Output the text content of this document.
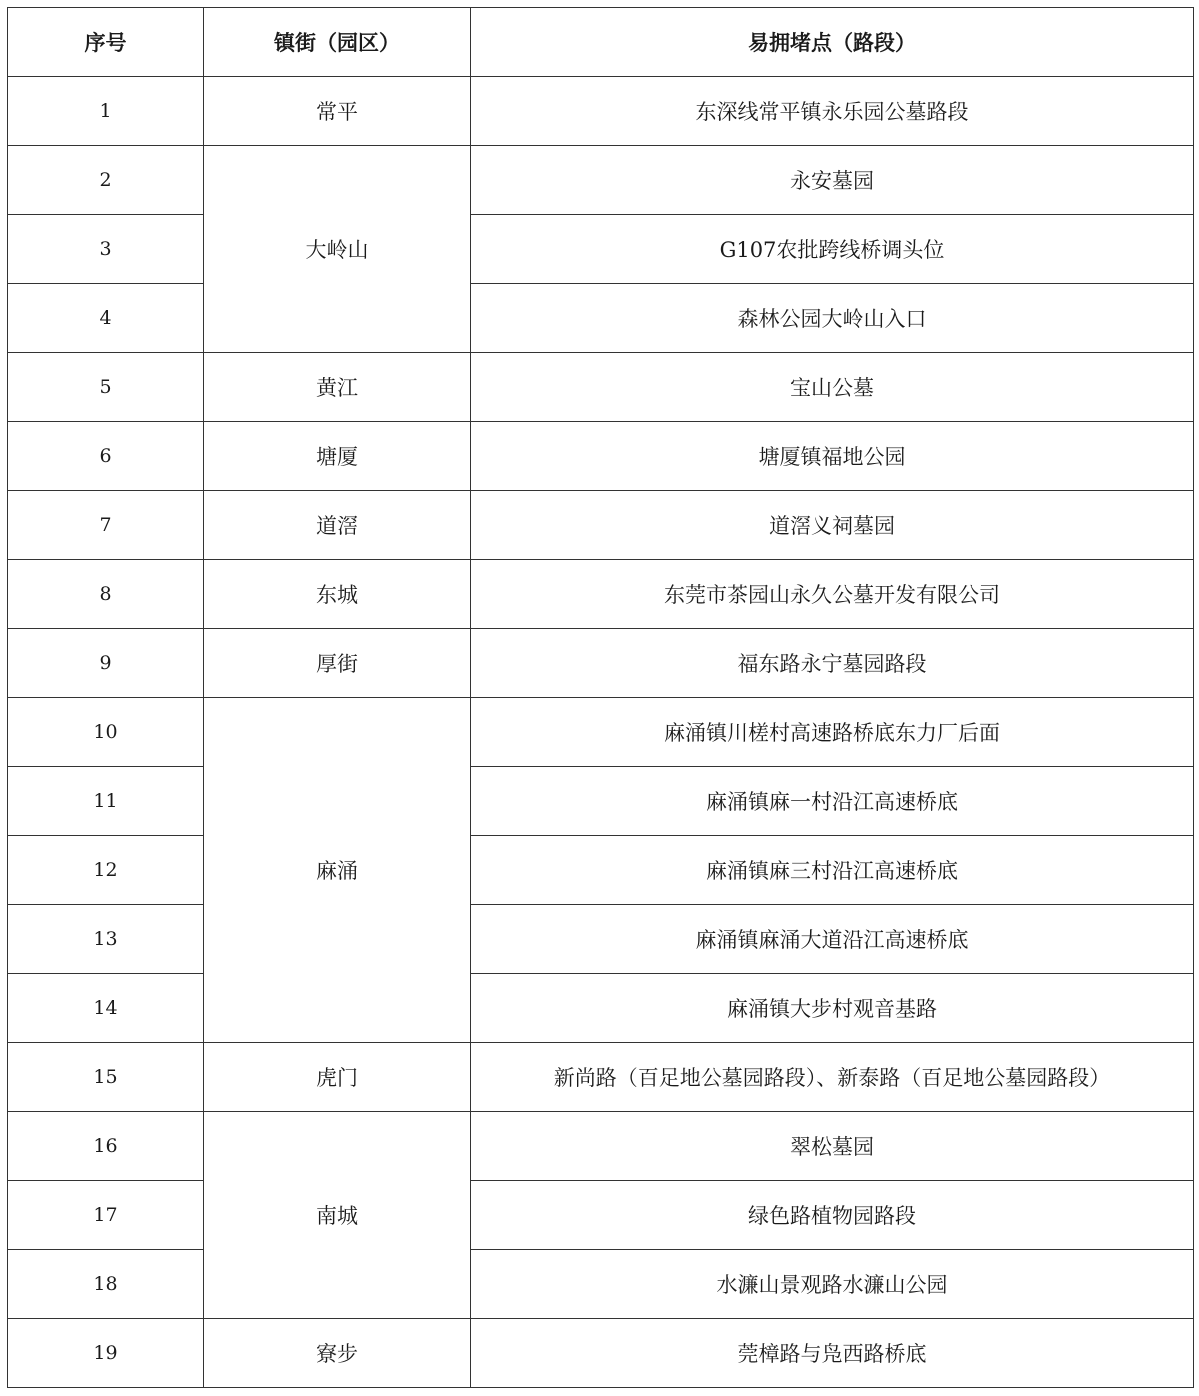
序号	镇街（园区）	易拥堵点（路段）
1	常平	东深线常平镇永乐园公墓路段
2	大岭山	永安墓园
3		G107农批跨线桥调头位
4		森林公园大岭山入口
5	黄江	宝山公墓
6	塘厦	塘厦镇福地公园
7	道滘	道滘义祠墓园
8	东城	东莞市茶园山永久公墓开发有限公司
9	厚街	福东路永宁墓园路段
10	麻涌	麻涌镇川槎村高速路桥底东力厂后面
11		麻涌镇麻一村沿江高速桥底
12		麻涌镇麻三村沿江高速桥底
13		麻涌镇麻涌大道沿江高速桥底
14		麻涌镇大步村观音基路
15	虎门	新尚路（百足地公墓园路段）、新泰路（百足地公墓园路段）
16	南城	翠松墓园
17		绿色路植物园路段
18		水濂山景观路水濂山公园
19	寮步	莞樟路与凫西路桥底
